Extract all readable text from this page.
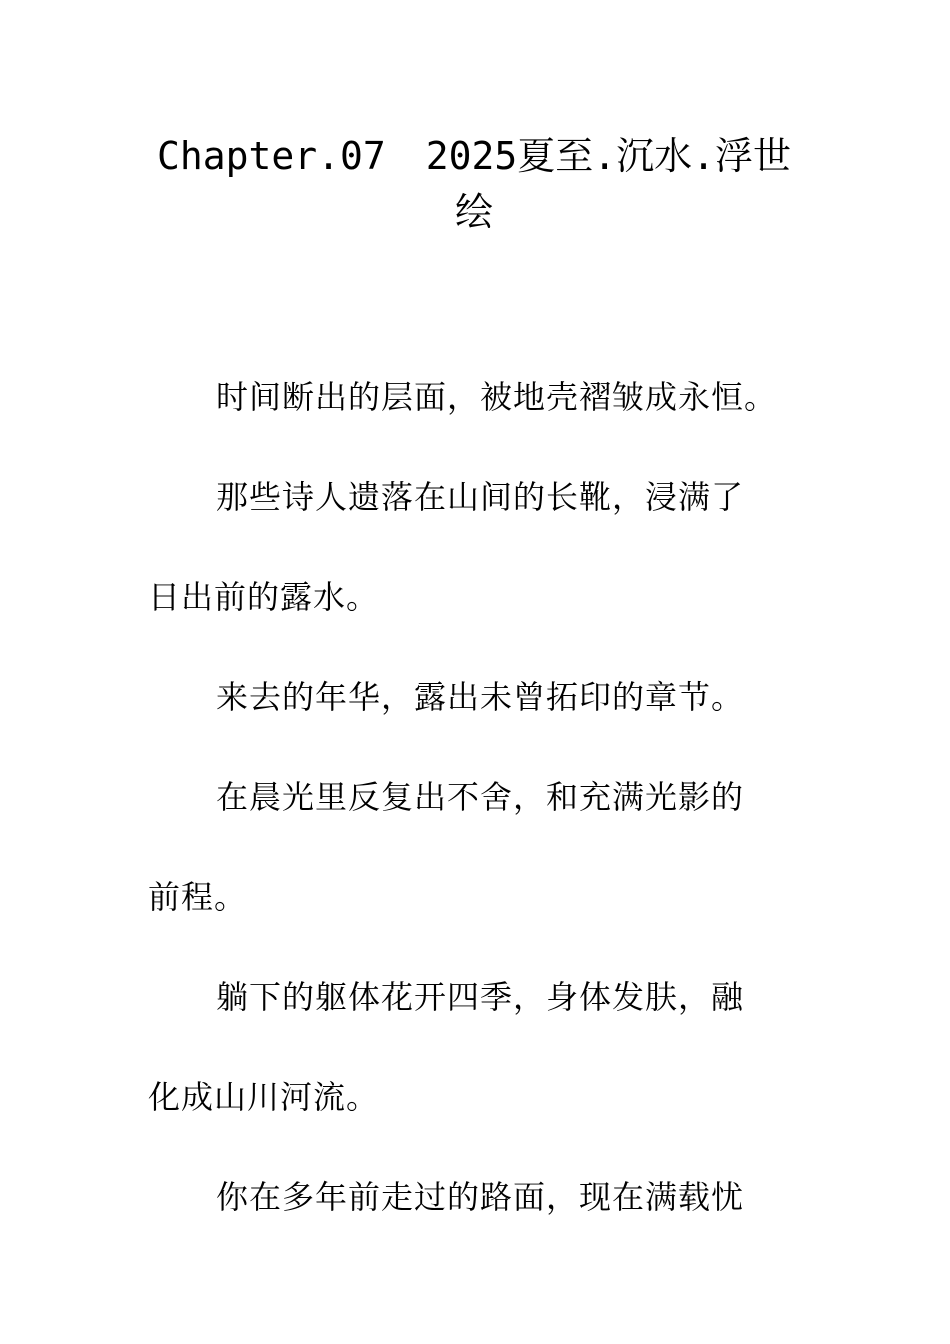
Chapter.07 2025夏至.沉水.浮世
绘
时间断出的层面，被地壳褶皱成永恒。
那些诗人遗落在山间的长靴，浸满了
日出前的露水。
来去的年华，露出未曾拓印的章节。
在晨光里反复出不舍，和充满光影的
前程。
躺下的躯体花开四季，身体发肤，融
化成山川河流。
你在多年前走过的路面，现在满载忧
